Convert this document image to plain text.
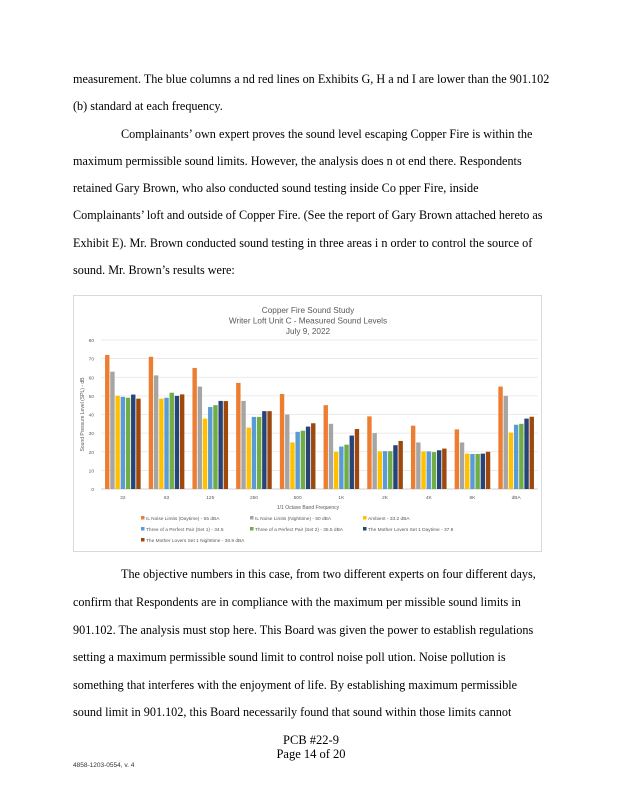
measurement. The blue columns a nd red lines on Exhibits G, H a nd I are lower than the 901.102
(b) standard at each frequency.
Complainants’ own expert proves the sound level escaping Copper Fire is within the
maximum permissible sound limits. However, the analysis does n ot end there. Respondents
retained Gary Brown, who also conducted sound testing inside Co pper Fire, inside
Complainants’ loft and outside of Copper Fire. (See the report of Gary Brown attached hereto as
Exhibit E). Mr. Brown conducted sound testing in three areas i n order to control the source of
sound. Mr. Brown’s results were:
Copper Fire Sound Study
Writer Loft Unit C - Measured Sound Levels
July 9, 2022
0
10
20
30
40
50
60
70
80
Sound Pressure Level (SPL) - dB
32	63	125	250	500	1K	2K	4K	8K	dBA
1/1 Octave Band Frequency
IL Noise Limits (Daytime) - 55 dBA	IL Noise Limits (Nighttime) - 50 dBA	Ambient - 33.2 dBA
Three of a Perfect Pair (Set 1) - 34.5	Three of a Perfect Pair (Set 2) - 35.5 dBA	The Mother Lovers Set 1 Daytime - 37.9
The Mother Lovers Set 1 Nighttime - 38.9 dBA
The objective numbers in this case, from two different experts on four different days,
confirm that Respondents are in compliance with the maximum per missible sound limits in
901.102. The analysis must stop here. This Board was given the power to establish regulations
setting a maximum permissible sound limit to control noise poll ution. Noise pollution is
something that interferes with the enjoyment of life. By establishing maximum permissible
sound limit in 901.102, this Board necessarily found that sound within those limits cannot
PCB #22-9
Page 14 of 20
4858-1203-0554, v. 4
